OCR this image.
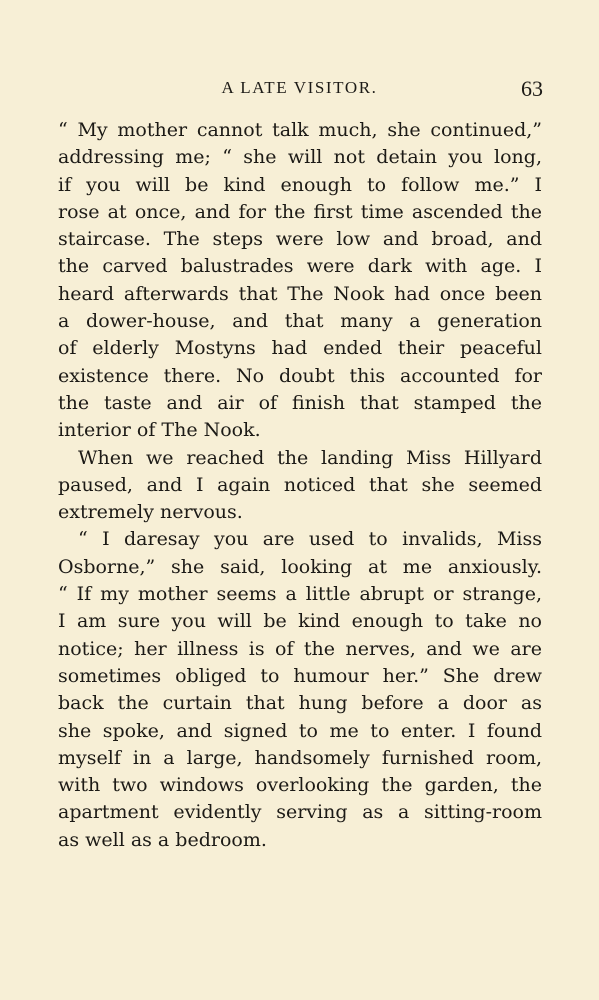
A LATE VISITOR.	63
“ My mother cannot talk much, she continued,”
addressing me; “ she will not detain you long,
if you will be kind enough to follow me.” I
rose at once, and for the first time ascended the
staircase. The steps were low and broad, and
the carved balustrades were dark with age. I
heard afterwards that The Nook had once been
a dower-house, and that many a generation
of elderly Mostyns had ended their peaceful
existence there. No doubt this accounted for
the taste and air of finish that stamped the
interior of The Nook.
When we reached the landing Miss Hillyard
paused, and I again noticed that she seemed
extremely nervous.
“ I daresay you are used to invalids, Miss
Osborne,” she said, looking at me anxiously.
“ If my mother seems a little abrupt or strange,
I am sure you will be kind enough to take no
notice; her illness is of the nerves, and we are
sometimes obliged to humour her.” She drew
back the curtain that hung before a door as
she spoke, and signed to me to enter. I found
myself in a large, handsomely furnished room,
with two windows overlooking the garden, the
apartment evidently serving as a sitting-room
as well as a bedroom.
